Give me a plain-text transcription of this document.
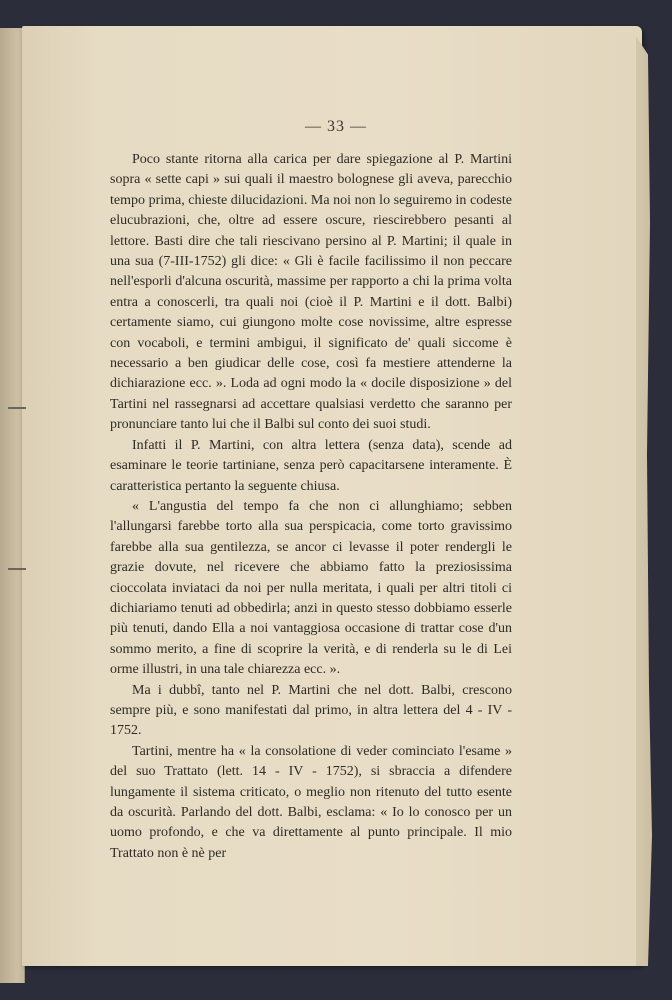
— 33 —

Poco stante ritorna alla carica per dare spiegazione al P. Martini sopra « sette capi » sui quali il maestro bolognese gli aveva, parecchio tempo prima, chieste dilucidazioni. Ma noi non lo seguiremo in codeste elucubrazioni, che, oltre ad essere oscure, riescirebbero pesanti al lettore. Basti dire che tali riescivano persino al P. Martini; il quale in una sua (7-III-1752) gli dice: « Gli è facile facilissimo il non peccare nell'esporli d'alcuna oscurità, massime per rapporto a chi la prima volta entra a conoscerli, tra quali noi (cioè il P. Martini e il dott. Balbi) certamente siamo, cui giungono molte cose novissime, altre espresse con vocaboli, e termini ambigui, il significato de' quali siccome è necessario a ben giudicar delle cose, così fa mestiere attenderne la dichiarazione ecc. ». Loda ad ogni modo la « docile disposizione » del Tartini nel rassegnarsi ad accettare qualsiasi verdetto che saranno per pronunciare tanto lui che il Balbi sul conto dei suoi studi.

Infatti il P. Martini, con altra lettera (senza data), scende ad esaminare le teorie tartiniane, senza però capacitarsene interamente. È caratteristica pertanto la seguente chiusa.

« L'angustia del tempo fa che non ci allunghiamo; sebben l'allungarsi farebbe torto alla sua perspicacia, come torto gravissimo farebbe alla sua gentilezza, se ancor ci levasse il poter rendergli le grazie dovute, nel ricevere che abbiamo fatto la preziosissima cioccolata inviataci da noi per nulla meritata, i quali per altri titoli ci dichiariamo tenuti ad obbedirla; anzi in questo stesso dobbiamo esserle più tenuti, dando Ella a noi vantaggiosa occasione di trattar cose d'un sommo merito, a fine di scoprire la verità, e di renderla su le di Lei orme illustri, in una tale chiarezza ecc. ».

Ma i dubbî, tanto nel P. Martini che nel dott. Balbi, crescono sempre più, e sono manifestati dal primo, in altra lettera del 4 - IV - 1752.

Tartini, mentre ha « la consolatione di veder cominciato l'esame » del suo Trattato (lett. 14 - IV - 1752), si sbraccia a difendere lungamente il sistema criticato, o meglio non ritenuto del tutto esente da oscurità. Parlando del dott. Balbi, esclama: « Io lo conosco per un uomo profondo, e che va direttamente al punto principale. Il mio Trattato non è nè per
